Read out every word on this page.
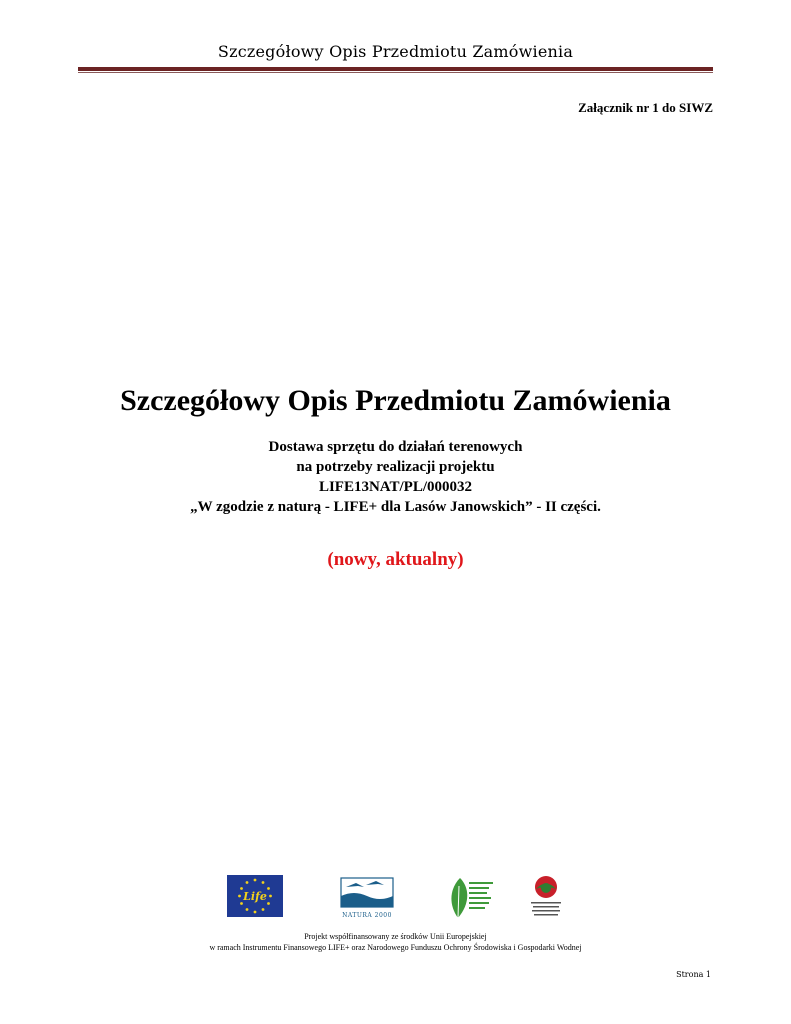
Szczegółowy Opis Przedmiotu Zamówienia
Załącznik nr 1 do SIWZ
Szczegółowy Opis Przedmiotu Zamówienia
Dostawa sprzętu do działań terenowych
na potrzeby realizacji projektu
LIFE13NAT/PL/000032
„W zgodzie z naturą - LIFE+ dla Lasów Janowskich” - II części.
(nowy, aktualny)
Life
NATURA 2000
Projekt współfinansowany ze środków Unii Europejskiej
w ramach Instrumentu Finansowego LIFE+ oraz Narodowego Funduszu Ochrony Środowiska i Gospodarki Wodnej
Strona 1
